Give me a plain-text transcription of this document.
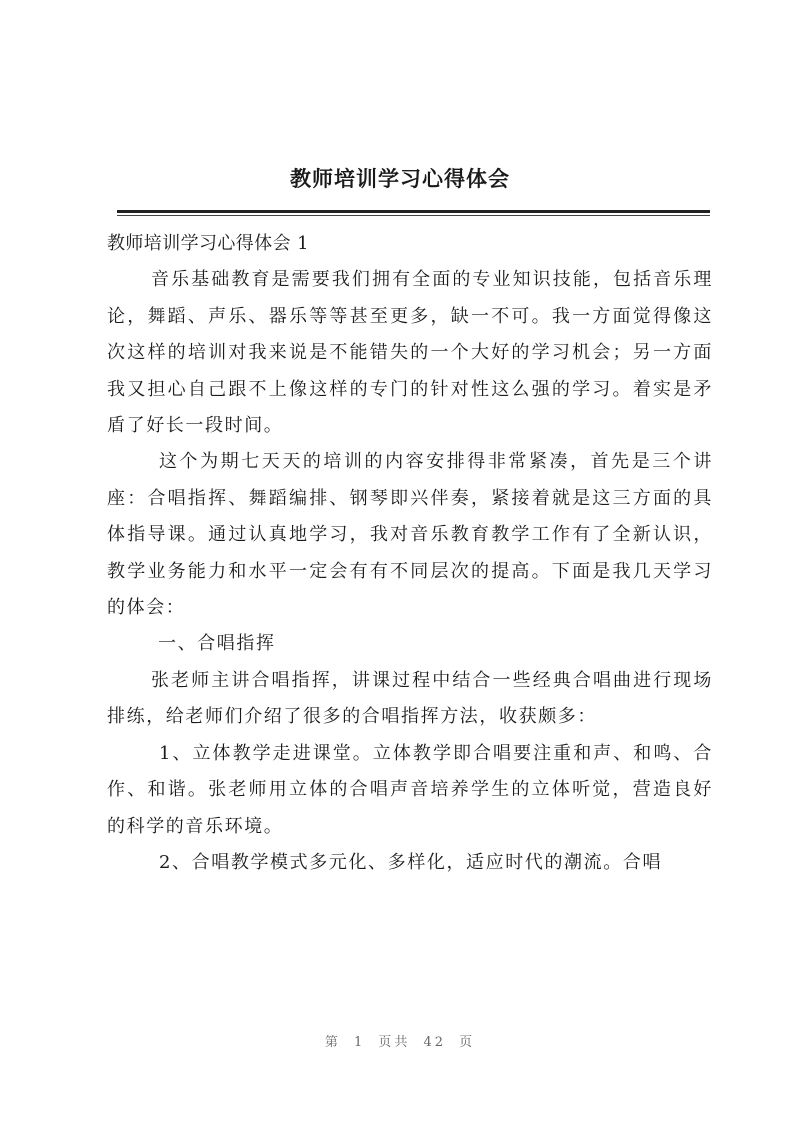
教师培训学习心得体会

教师培训学习心得体会 1

音乐基础教育是需要我们拥有全面的专业知识技能，包括音乐理论，舞蹈、声乐、器乐等等甚至更多，缺一不可。我一方面觉得像这次这样的培训对我来说是不能错失的一个大好的学习机会；另一方面我又担心自己跟不上像这样的专门的针对性这么强的学习。着实是矛盾了好长一段时间。

这个为期七天天的培训的内容安排得非常紧凑，首先是三个讲座：合唱指挥、舞蹈编排、钢琴即兴伴奏，紧接着就是这三方面的具体指导课。通过认真地学习，我对音乐教育教学工作有了全新认识，教学业务能力和水平一定会有有不同层次的提高。下面是我几天学习的体会：

一、合唱指挥

张老师主讲合唱指挥，讲课过程中结合一些经典合唱曲进行现场排练，给老师们介绍了很多的合唱指挥方法，收获颇多：

1、立体教学走进课堂。立体教学即合唱要注重和声、和鸣、合作、和谐。张老师用立体的合唱声音培养学生的立体听觉，营造良好的科学的音乐环境。

2、合唱教学模式多元化、多样化，适应时代的潮流。合唱

第 1 页共 42 页
